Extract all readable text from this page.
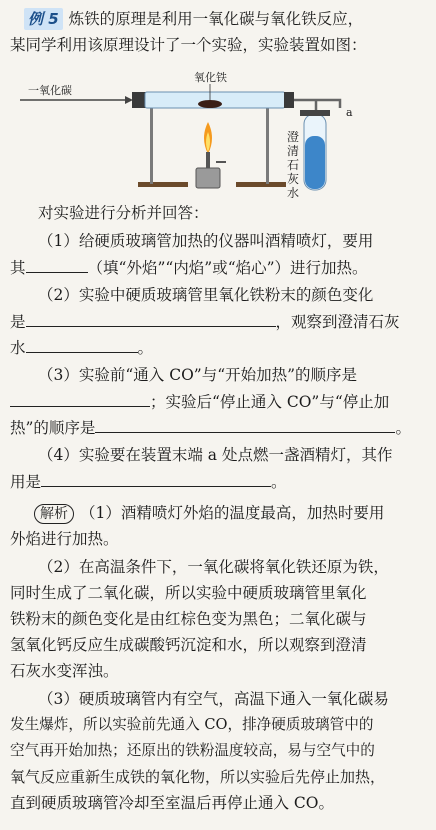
例 5 炼铁的原理是利用一氧化碳与氧化铁反应，
某同学利用该原理设计了一个实验，实验装置如图：
一氧化碳
氧化铁
a
澄
清
石
灰
水
对实验进行分析并回答：
（1）给硬质玻璃管加热的仪器叫酒精喷灯，要用
其	（填“外焰”“内焰”或“焰心”）进行加热。
（2）实验中硬质玻璃管里氧化铁粉末的颜色变化
是	，观察到澄清石灰
水	。
（3）实验前“通入 CO”与“开始加热”的顺序是
；实验后“停止通入 CO”与“停止加
热”的顺序是	。
（4）实验要在装置末端 a 处点燃一盏酒精灯，其作
用是	。
解析 （1）酒精喷灯外焰的温度最高，加热时要用
外焰进行加热。
（2）在高温条件下，一氧化碳将氧化铁还原为铁，
同时生成了二氧化碳，所以实验中硬质玻璃管里氧化
铁粉末的颜色变化是由红棕色变为黑色；二氧化碳与
氢氧化钙反应生成碳酸钙沉淀和水，所以观察到澄清
石灰水变浑浊。
（3）硬质玻璃管内有空气，高温下通入一氧化碳易
发生爆炸，所以实验前先通入 CO，排净硬质玻璃管中的
空气再开始加热；还原出的铁粉温度较高，易与空气中的
氧气反应重新生成铁的氧化物，所以实验后先停止加热，
直到硬质玻璃管冷却至室温后再停止通入 CO。
